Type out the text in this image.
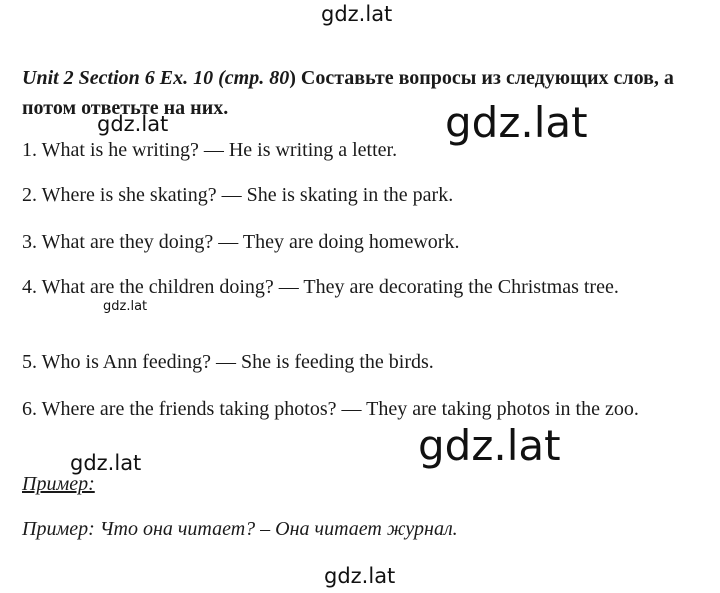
gdz.lat

Unit 2 Section 6 Ex. 10 (стр. 80) Составьте вопросы из следующих слов, а потом ответьте на них.

gdz.lat	gdz.lat

1. What is he writing? — He is writing a letter.

2. Where is she skating? — She is skating in the park.

3. What are they doing? — They are doing homework.

4. What are the children doing? — They are decorating the Christmas tree.

gdz.lat

5. Who is Ann feeding? — She is feeding the birds.

6. Where are the friends taking photos? — They are taking photos in the zoo.

gdz.lat
gdz.lat

Пример:

Пример: Что она читает? – Она читает журнал.

gdz.lat
